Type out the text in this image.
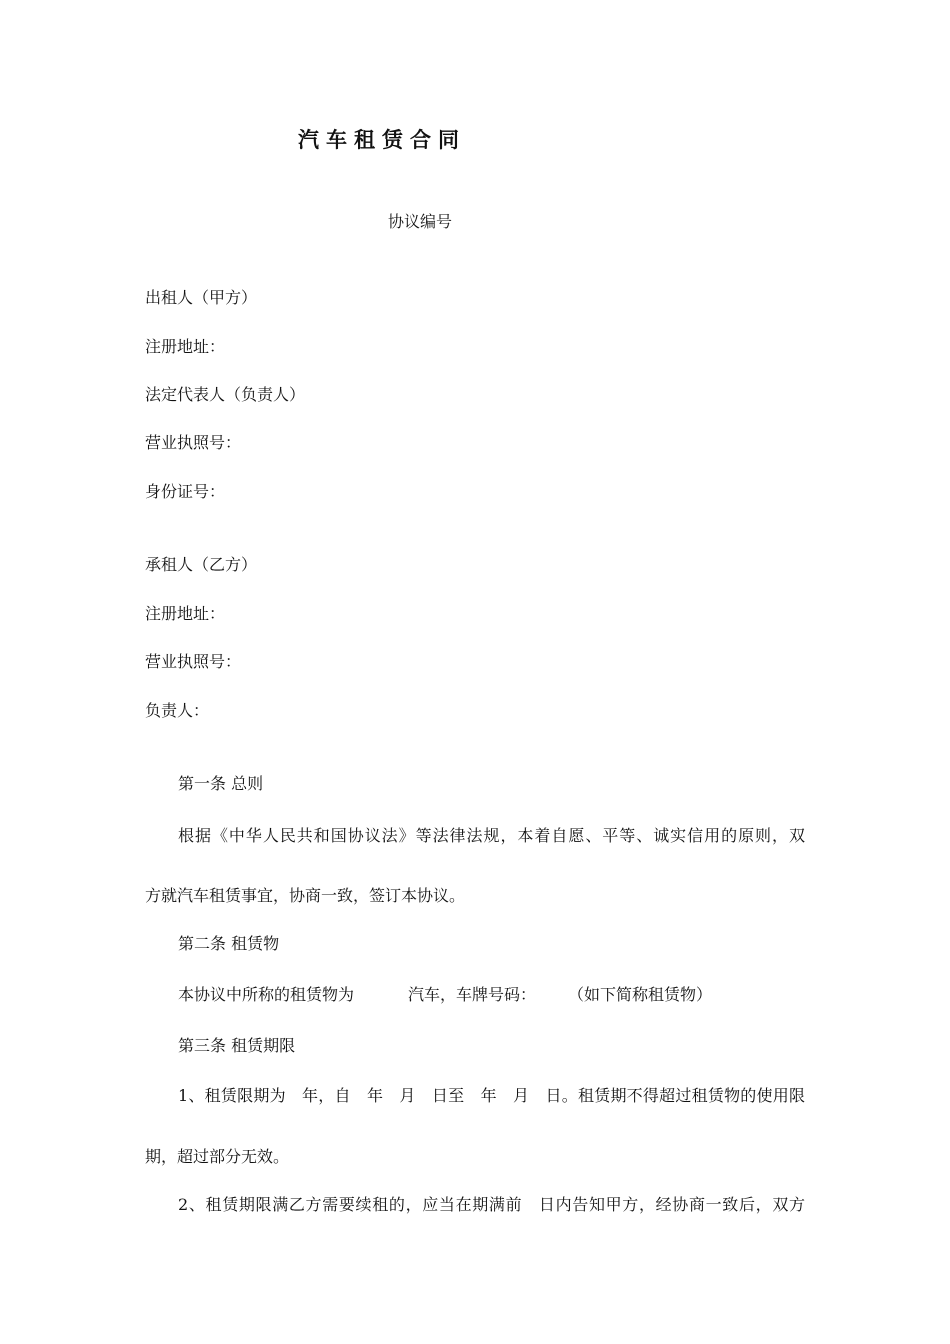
汽车租赁合同
协议编号
出租人（甲方）
注册地址：
法定代表人（负责人）
营业执照号：
身份证号：
承租人（乙方）
注册地址：
营业执照号：
负责人：
第一条 总则
根据《中华人民共和国协议法》等法律法规，本着自愿、平等、诚实信用的原则，双
方就汽车租赁事宜，协商一致，签订本协议。
第二条 租赁物
本协议中所称的租赁物为	汽车，车牌号码： （如下简称租赁物）
第三条 租赁期限
1、租赁限期为　年，自　年　月　日至　年　月　日。租赁期不得超过租赁物的使用限
期，超过部分无效。
2、租赁期限满乙方需要续租的，应当在期满前　日内告知甲方，经协商一致后，双方
